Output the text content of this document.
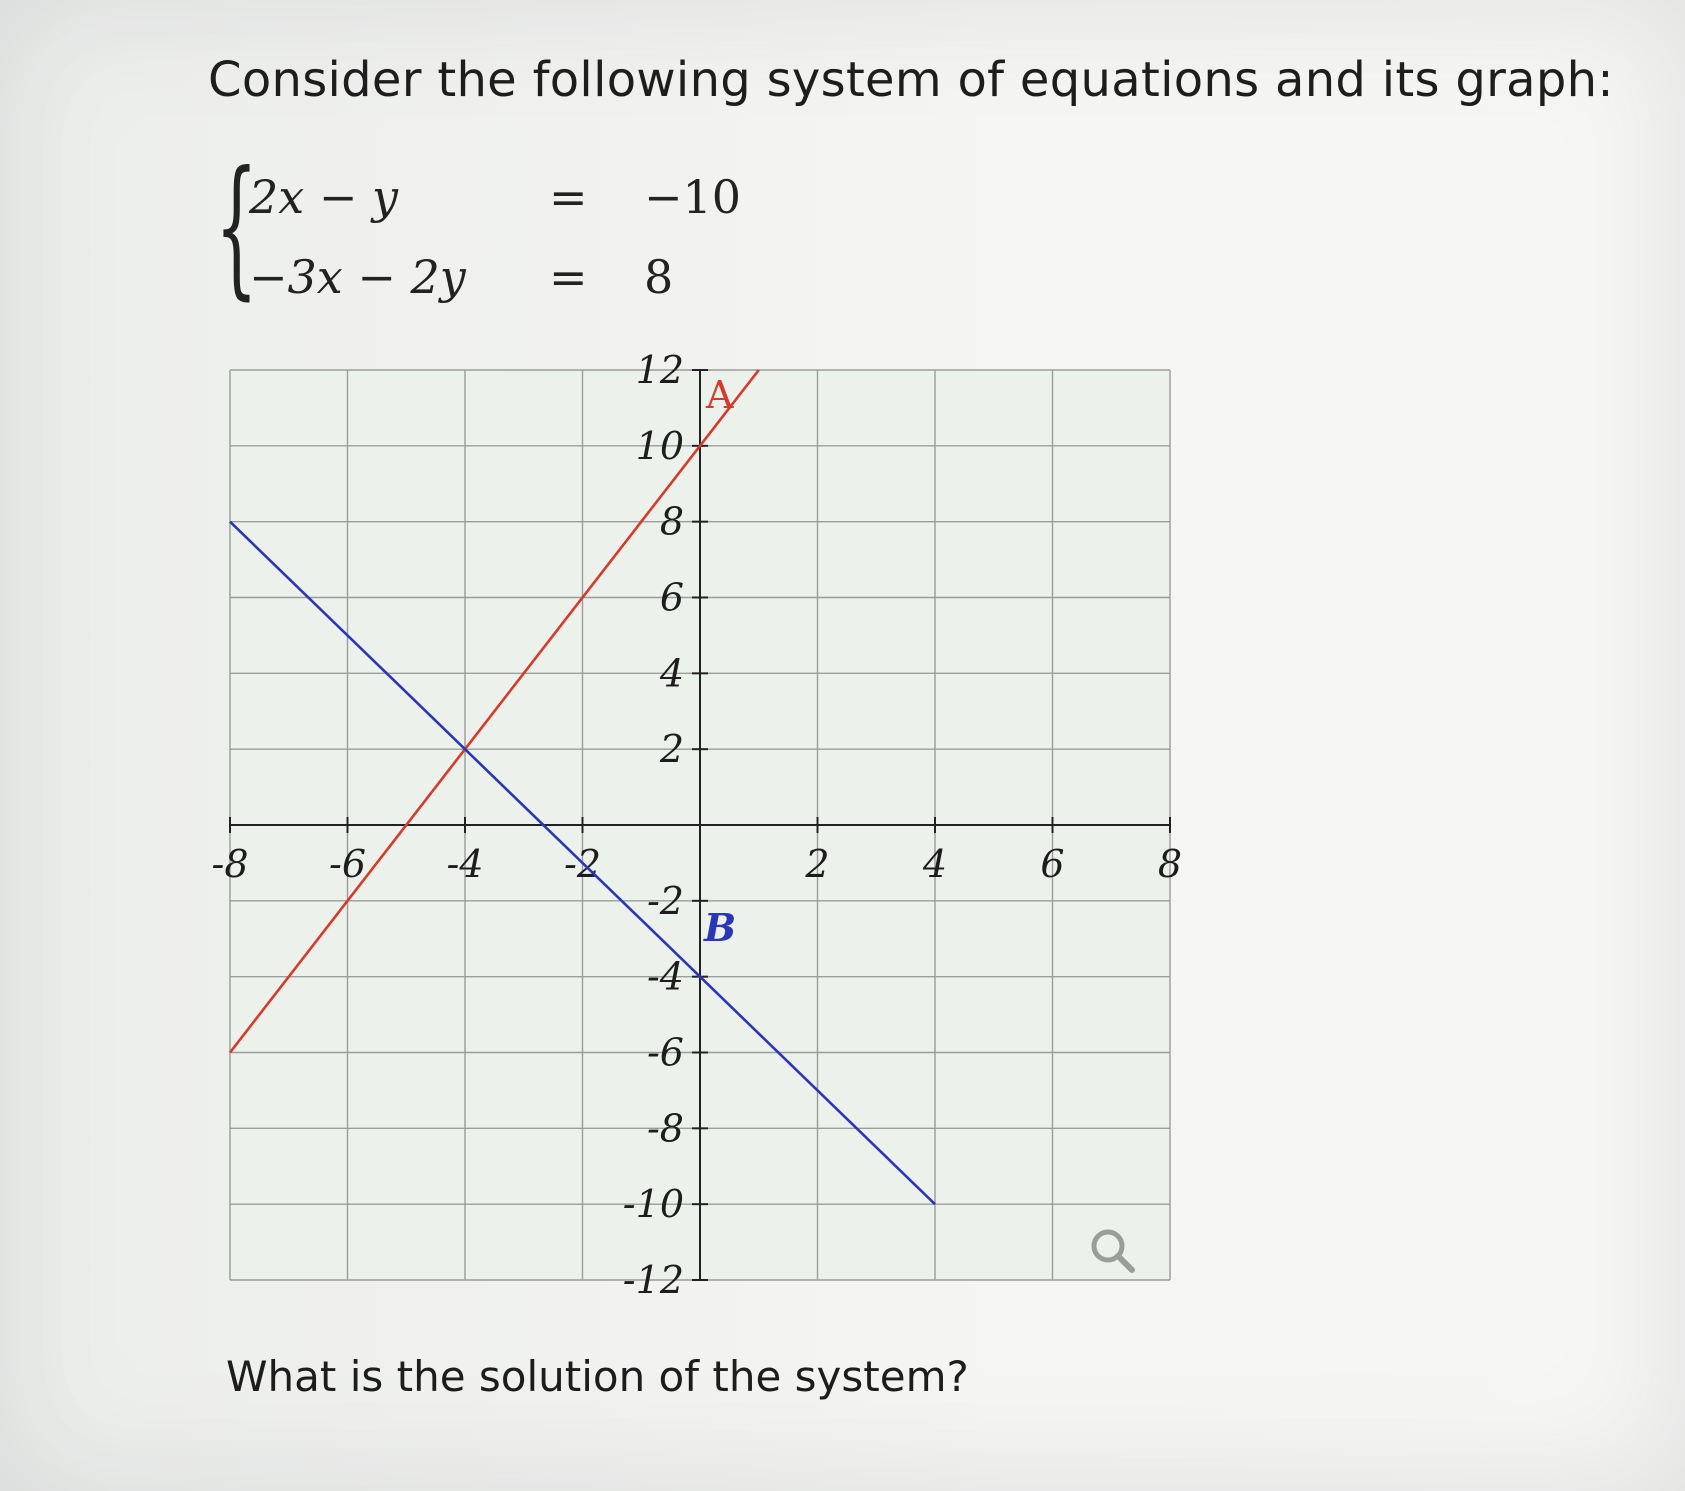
Consider the following system of equations and its graph:
{
2x − y	= −10
−3x − 2y = 8
-8 -6 -4 -2	2 4 6 8
12
10
8
6
4
2
-2
-4
-6
-8
-10
-12
A
B
What is the solution of the system?
